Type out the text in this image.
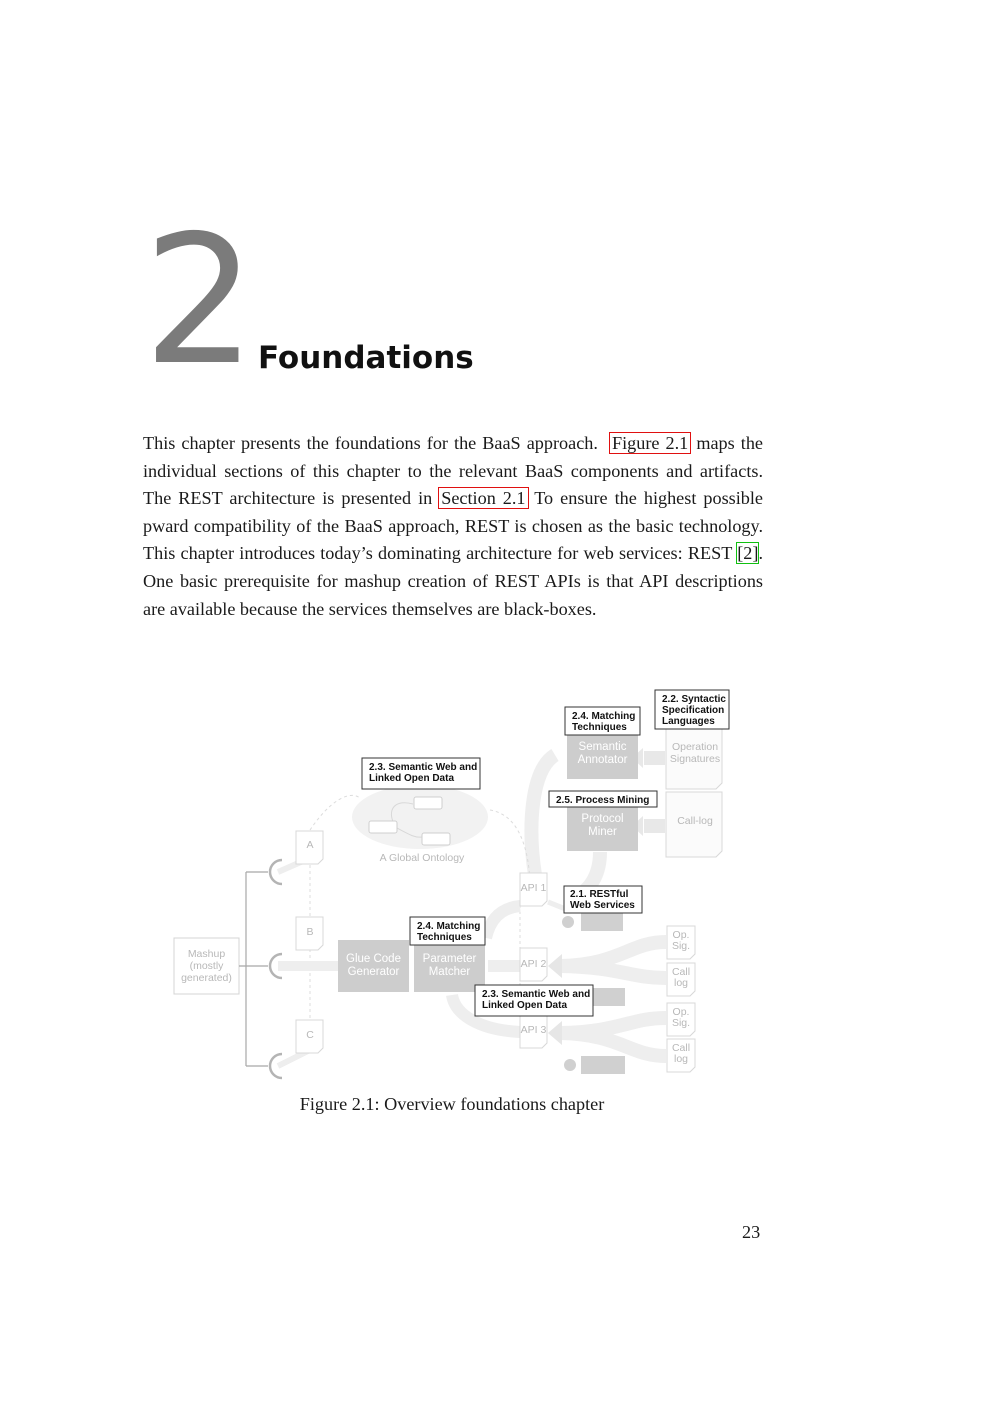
2 Foundations

This chapter presents the foundations for the BaaS approach. Figure 2.1 maps the individual sections of this chapter to the relevant BaaS components and artifacts. The REST architecture is presented in Section 2.1 To ensure the highest possible pward compatibility of the BaaS approach, REST is chosen as the basic technology. This chapter introduces today’s dominating architecture for web services: REST [2]. One basic prerequisite for mashup creation of REST APIs is that API descriptions are available because the services themselves are black-boxes.

Semantic
Annotator
Protocol
Miner
Operation
Signatures
Call-log
A Global Ontology
Mashup
(mostly
generated)
A
B
C
Glue Code
Generator
Parameter
Matcher
API 1
API 2
API 3
Op.
Sig.
Call
log
Op.
Sig.
Call
log
2.2. Syntactic
Specification
Languages
2.4. Matching
Techniques
2.3. Semantic Web and
Linked Open Data
2.5. Process Mining
2.1. RESTful
Web Services
2.4. Matching
Techniques
2.3. Semantic Web and
Linked Open Data
Figure 2.1: Overview foundations chapter
23
